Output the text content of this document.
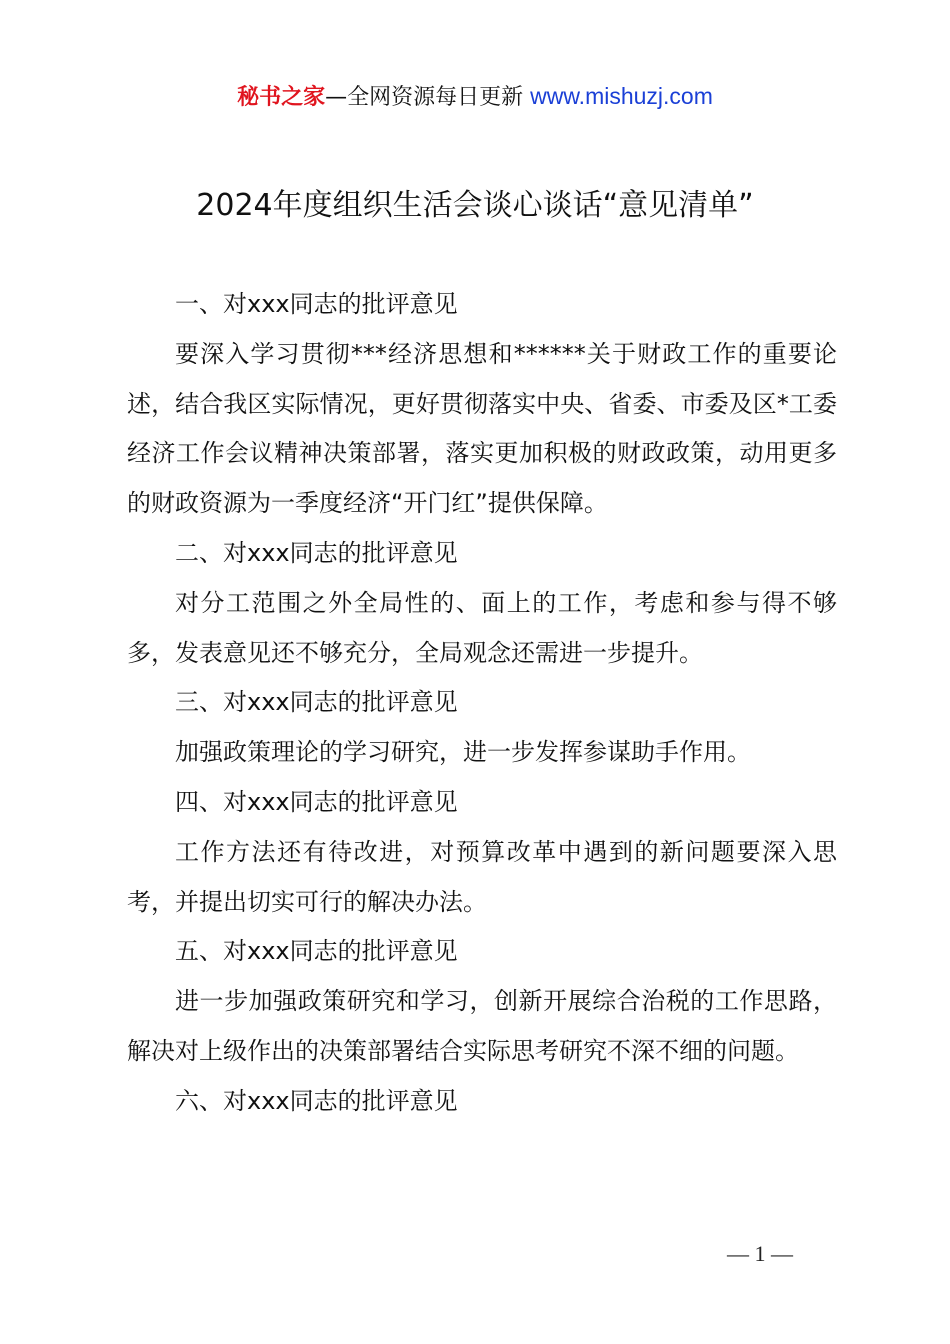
秘书之家—全网资源每日更新 www.mishuzj.com
2024年度组织生活会谈心谈话“意见清单”

一、对xxx同志的批评意见

要深入学习贯彻***经济思想和******关于财政工作的重要论述，结合我区实际情况，更好贯彻落实中央、省委、市委及区*工委经济工作会议精神决策部署，落实更加积极的财政政策，动用更多的财政资源为一季度经济“开门红”提供保障。

二、对xxx同志的批评意见

对分工范围之外全局性的、面上的工作，考虑和参与得不够多，发表意见还不够充分，全局观念还需进一步提升。

三、对xxx同志的批评意见

加强政策理论的学习研究，进一步发挥参谋助手作用。

四、对xxx同志的批评意见

工作方法还有待改进，对预算改革中遇到的新问题要深入思考，并提出切实可行的解决办法。

五、对xxx同志的批评意见

进一步加强政策研究和学习，创新开展综合治税的工作思路，解决对上级作出的决策部署结合实际思考研究不深不细的问题。

六、对xxx同志的批评意见

— 1 —
